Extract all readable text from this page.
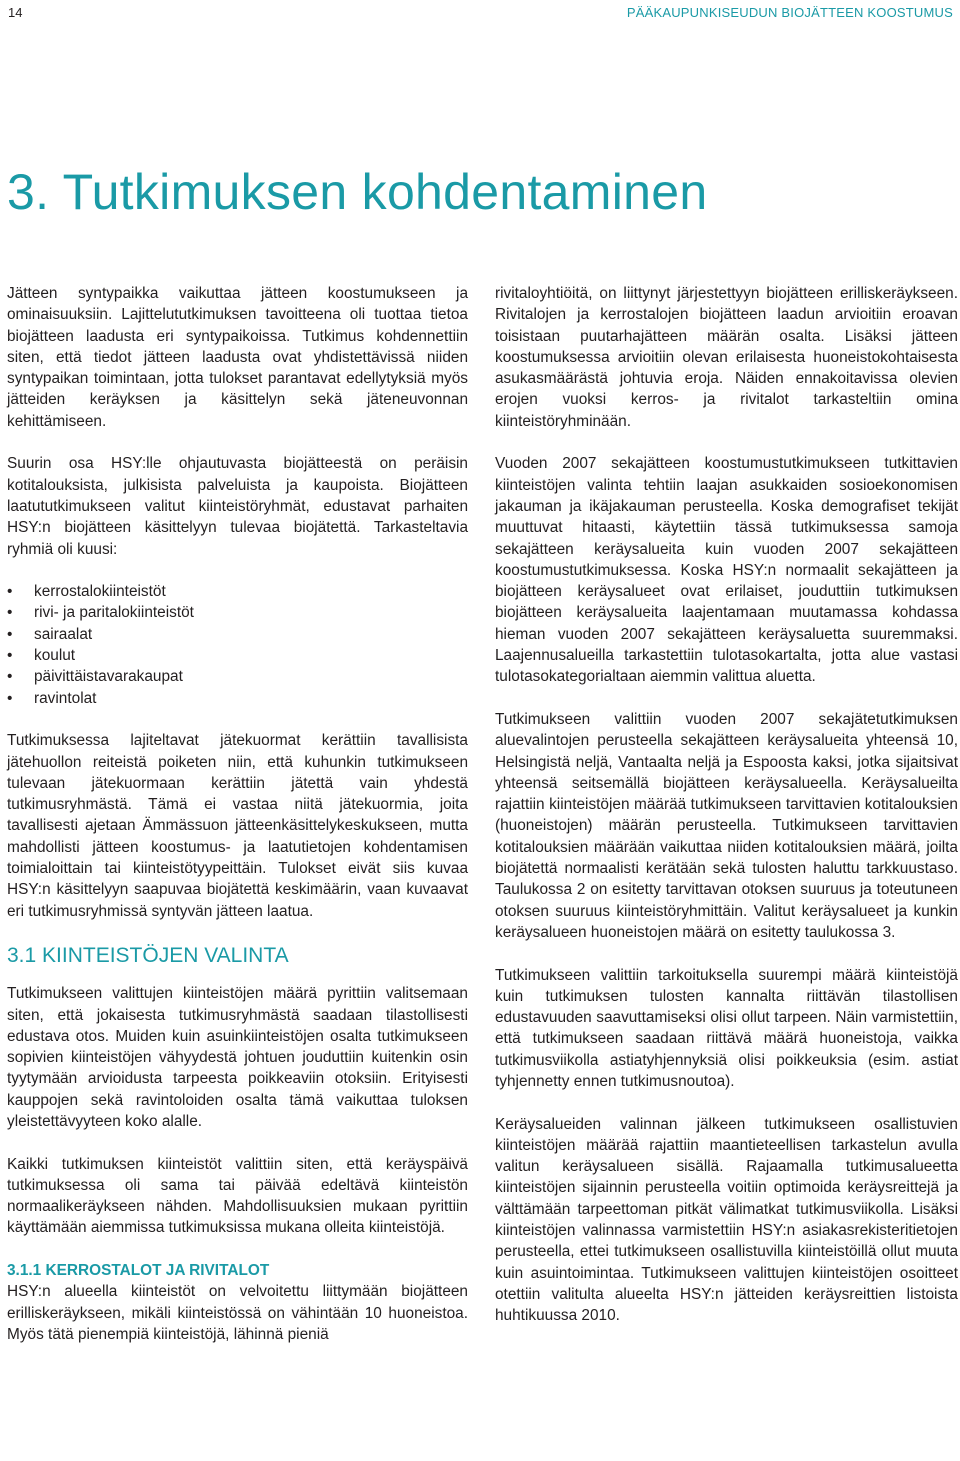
14	PÄÄKAUPUNKISEUDUN BIOJÄTTEEN KOOSTUMUS
3. Tutkimuksen kohdentaminen

Jätteen syntypaikka vaikuttaa jätteen koostumukseen ja ominaisuuksiin. Lajittelututkimuksen tavoitteena oli tuottaa tietoa biojätteen laadusta eri syntypaikoissa. Tutkimus kohdennettiin siten, että tiedot jätteen laadusta ovat yhdistettävissä niiden syntypaikan toimintaan, jotta tulokset parantavat edellytyksiä myös jätteiden keräyksen ja käsittelyn sekä jäteneuvonnan kehittämiseen.

Suurin osa HSY:lle ohjautuvasta biojätteestä on peräisin kotitalouksista, julkisista palveluista ja kaupoista. Biojätteen laatututkimukseen valitut kiinteistöryhmät, edustavat parhaiten HSY:n biojätteen käsittelyyn tulevaa biojätettä. Tarkasteltavia ryhmiä oli kuusi:

• kerrostalokiinteistöt
• rivi- ja paritalokiinteistöt
• sairaalat
• koulut
• päivittäistavarakaupat
• ravintolat

Tutkimuksessa lajiteltavat jätekuormat kerättiin tavallisista jätehuollon reiteistä poiketen niin, että kuhunkin tutkimukseen tulevaan jätekuormaan kerättiin jätettä vain yhdestä tutkimusryhmästä. Tämä ei vastaa niitä jätekuormia, joita tavallisesti ajetaan Ämmässuon jätteenkäsittelykeskukseen, mutta mahdollisti jätteen koostumus- ja laatutietojen kohdentamisen toimialoittain tai kiinteistötyypeittäin. Tulokset eivät siis kuvaa HSY:n käsittelyyn saapuvaa biojätettä keskimäärin, vaan kuvaavat eri tutkimusryhmissä syntyvän jätteen laatua.

3.1 KIINTEISTÖJEN VALINTA

Tutkimukseen valittujen kiinteistöjen määrä pyrittiin valitsemaan siten, että jokaisesta tutkimusryhmästä saadaan tilastollisesti edustava otos. Muiden kuin asuinkiinteistöjen osalta tutkimukseen sopivien kiinteistöjen vähyydestä johtuen jouduttiin kuitenkin osin tyytymään arvioidusta tarpeesta poikkeaviin otoksiin. Erityisesti kauppojen sekä ravintoloiden osalta tämä vaikuttaa tuloksen yleistettävyyteen koko alalle.

Kaikki tutkimuksen kiinteistöt valittiin siten, että keräyspäivä tutkimuksessa oli sama tai päivää edeltävä kiinteistön normaalikeräykseen nähden. Mahdollisuuksien mukaan pyrittiin käyttämään aiemmissa tutkimuksissa mukana olleita kiinteistöjä.

3.1.1 KERROSTALOT JA RIVITALOT

HSY:n alueella kiinteistöt on velvoitettu liittymään biojätteen erilliskeräykseen, mikäli kiinteistössä on vähintään 10 huoneistoa. Myös tätä pienempiä kiinteistöjä, lähinnä pieniä

rivitaloyhtiöitä, on liittynyt järjestettyyn biojätteen erilliskeräykseen. Rivitalojen ja kerrostalojen biojätteen laadun arvioitiin eroavan toisistaan puutarhajätteen määrän osalta. Lisäksi jätteen koostumuksessa arvioitiin olevan erilaisesta huoneistokohtaisesta asukasmäärästä johtuvia eroja. Näiden ennakoitavissa olevien erojen vuoksi kerros- ja rivitalot tarkasteltiin omina kiinteistöryhminään.

Vuoden 2007 sekajätteen koostumustutkimukseen tutkittavien kiinteistöjen valinta tehtiin laajan asukkaiden sosioekonomisen jakauman ja ikäjakauman perusteella. Koska demografiset tekijät muuttuvat hitaasti, käytettiin tässä tutkimuksessa samoja sekajätteen keräysalueita kuin vuoden 2007 sekajätteen koostumustutkimuksessa. Koska HSY:n normaalit sekajätteen ja biojätteen keräysalueet ovat erilaiset, jouduttiin tutkimuksen biojätteen keräysalueita laajentamaan muutamassa kohdassa hieman vuoden 2007 sekajätteen keräysaluetta suuremmaksi. Laajennusalueilla tarkastettiin tulotasokartalta, jotta alue vastasi tulotasokategorialtaan aiemmin valittua aluetta.

Tutkimukseen valittiin vuoden 2007 sekajätetutkimuksen aluevalintojen perusteella sekajätteen keräysalueita yhteensä 10, Helsingistä neljä, Vantaalta neljä ja Espoosta kaksi, jotka sijaitsivat yhteensä seitsemällä biojätteen keräysalueella. Keräysalueilta rajattiin kiinteistöjen määrää tutkimukseen tarvittavien kotitalouksien (huoneistojen) määrän perusteella. Tutkimukseen tarvittavien kotitalouksien määrään vaikuttaa niiden kotitalouksien määrä, joilta biojätettä normaalisti kerätään sekä tulosten haluttu tarkkuustaso. Taulukossa 2 on esitetty tarvittavan otoksen suuruus ja toteutuneen otoksen suuruus kiinteistöryhmittäin. Valitut keräysalueet ja kunkin keräysalueen huoneistojen määrä on esitetty taulukossa 3.

Tutkimukseen valittiin tarkoituksella suurempi määrä kiinteistöjä kuin tutkimuksen tulosten kannalta riittävän tilastollisen edustavuuden saavuttamiseksi olisi ollut tarpeen. Näin varmistettiin, että tutkimukseen saadaan riittävä määrä huoneistoja, vaikka tutkimusviikolla astiatyhjennyksiä olisi poikkeuksia (esim. astiat tyhjennetty ennen tutkimusnoutoa).

Keräysalueiden valinnan jälkeen tutkimukseen osallistuvien kiinteistöjen määrää rajattiin maantieteellisen tarkastelun avulla valitun keräysalueen sisällä. Rajaamalla tutkimusalueetta kiinteistöjen sijainnin perusteella voitiin optimoida keräysreittejä ja välttämään tarpeettoman pitkät välimatkat tutkimusviikolla. Lisäksi kiinteistöjen valinnassa varmistettiin HSY:n asiakasrekisteritietojen perusteella, ettei tutkimukseen osallistuvilla kiinteistöillä ollut muuta kuin asuintoimintaa. Tutkimukseen valittujen kiinteistöjen osoitteet otettiin valitulta alueelta HSY:n jätteiden keräysreittien listoista huhtikuussa 2010.
